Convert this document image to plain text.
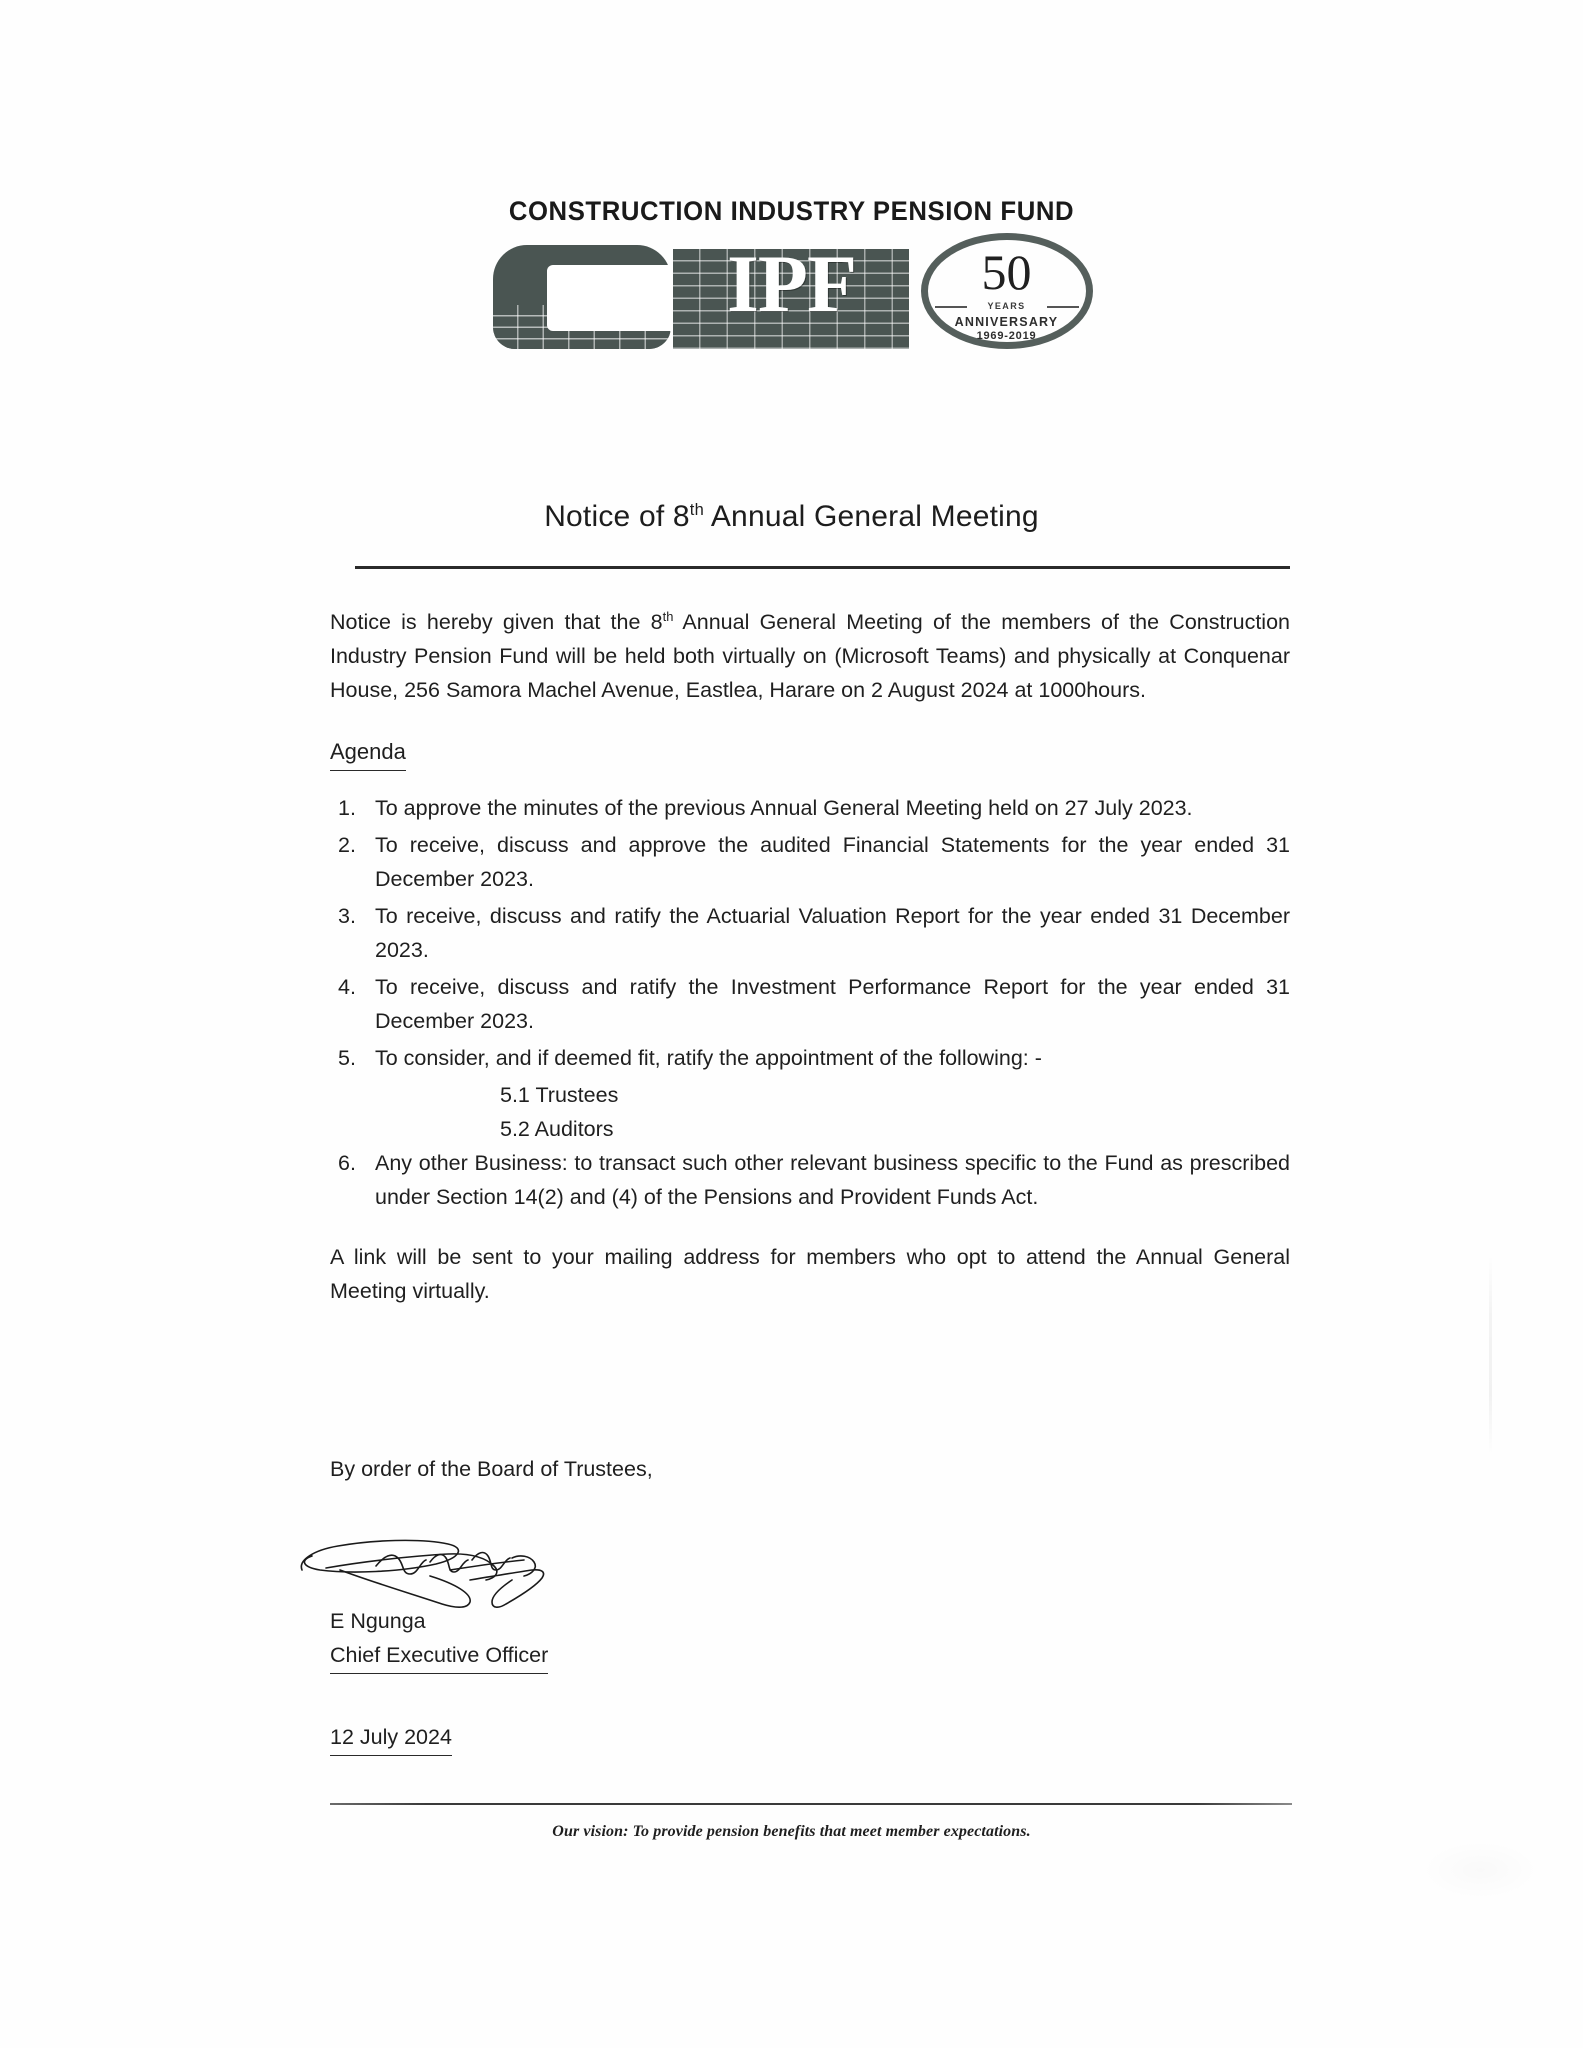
CONSTRUCTION INDUSTRY PENSION FUND
IPF	50
YEARS
ANNIVERSARY
1969-2019
Notice of 8th Annual General Meeting

Notice is hereby given that the 8th Annual General Meeting of the members of the Construction Industry Pension Fund will be held both virtually on (Microsoft Teams) and physically at Conquenar House, 256 Samora Machel Avenue, Eastlea, Harare on 2 August 2024 at 1000hours.

Agenda
To approve the minutes of the previous Annual General Meeting held on 27 July 2023.
To receive, discuss and approve the audited Financial Statements for the year ended 31 December 2023.
To receive, discuss and ratify the Actuarial Valuation Report for the year ended 31 December 2023.
To receive, discuss and ratify the Investment Performance Report for the year ended 31 December 2023.
To consider, and if deemed fit, ratify the appointment of the following: -
5.1 Trustees
5.2 Auditors
Any other Business: to transact such other relevant business specific to the Fund as prescribed under Section 14(2) and (4) of the Pensions and Provident Funds Act.

A link will be sent to your mailing address for members who opt to attend the Annual General Meeting virtually.

By order of the Board of Trustees,

E Ngunga
Chief Executive Officer
12 July 2024
Our vision: To provide pension benefits that meet member expectations.
